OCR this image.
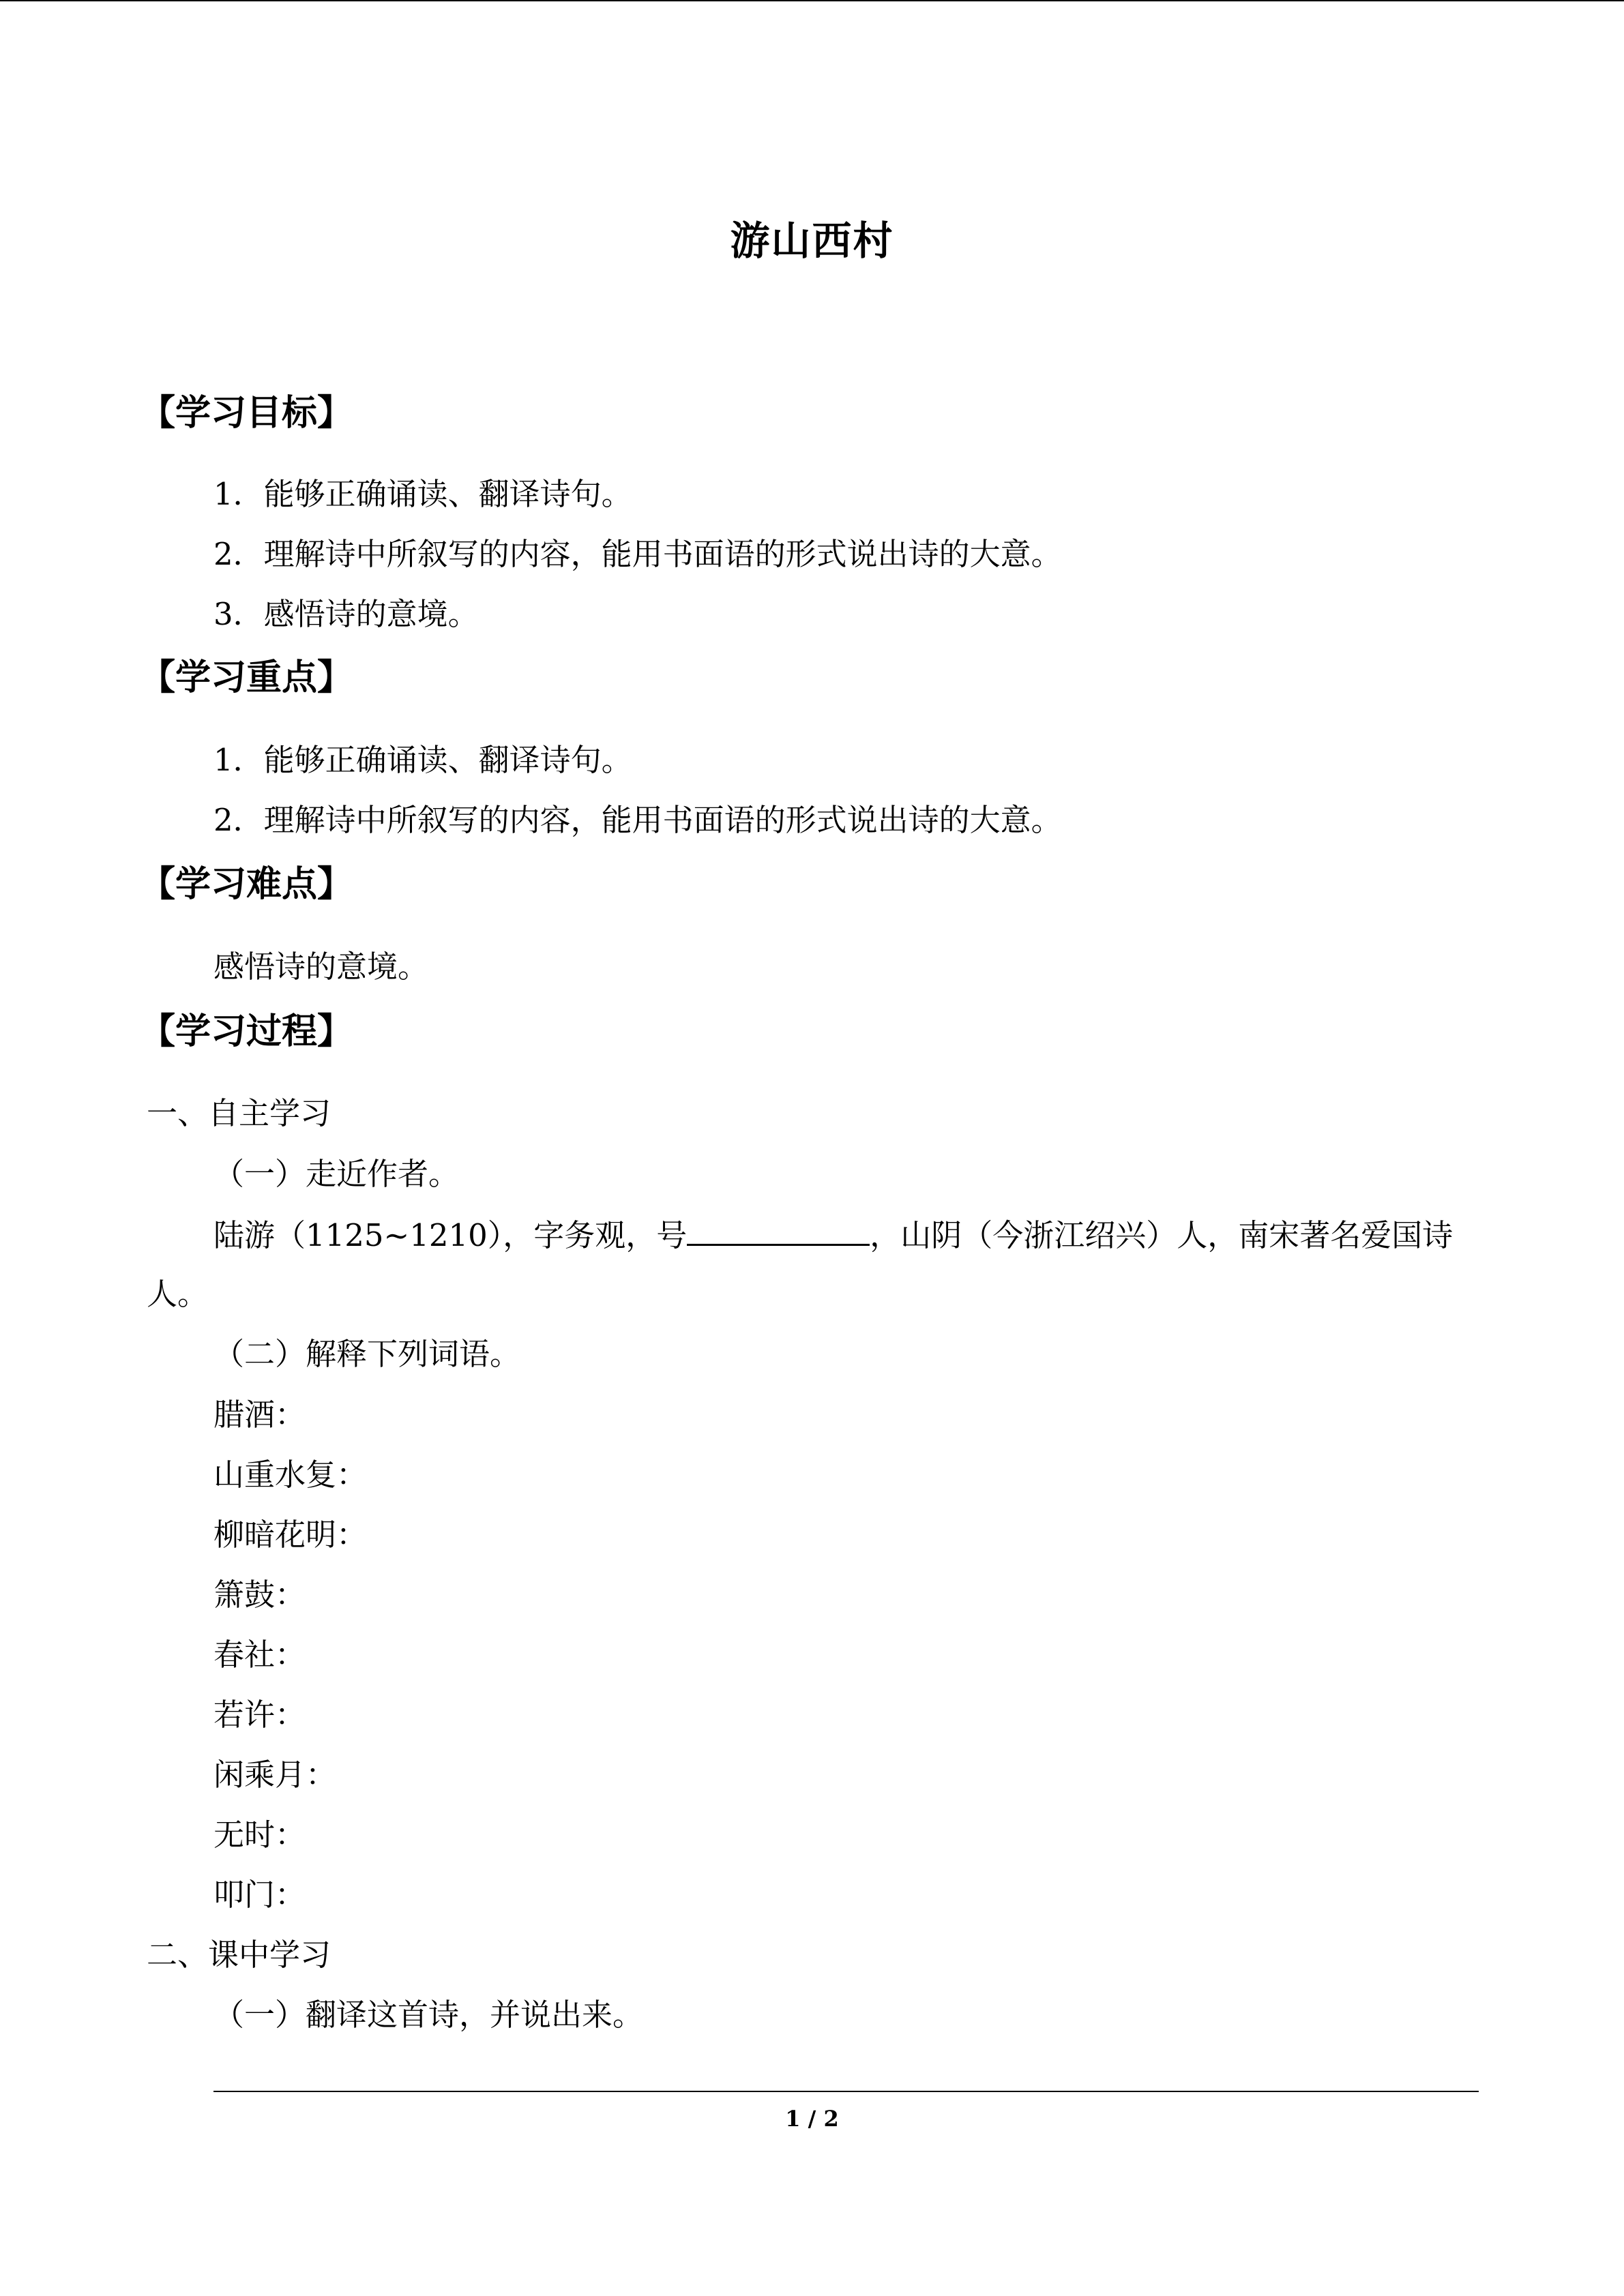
游山西村
【学习目标】
1．能够正确诵读、翻译诗句。
2．理解诗中所叙写的内容，能用书面语的形式说出诗的大意。
3．感悟诗的意境。
【学习重点】
1．能够正确诵读、翻译诗句。
2．理解诗中所叙写的内容，能用书面语的形式说出诗的大意。
【学习难点】
感悟诗的意境。
【学习过程】
一、自主学习
（一）走近作者。
陆游（1125~1210），字务观，号	，山阴（今浙江绍兴）人，南宋著名爱国诗
人。
（二）解释下列词语。
腊酒：
山重水复：
柳暗花明：
箫鼓：
春社：
若许：
闲乘月：
无时：
叩门：
二、课中学习
（一）翻译这首诗，并说出来。
1 / 2
